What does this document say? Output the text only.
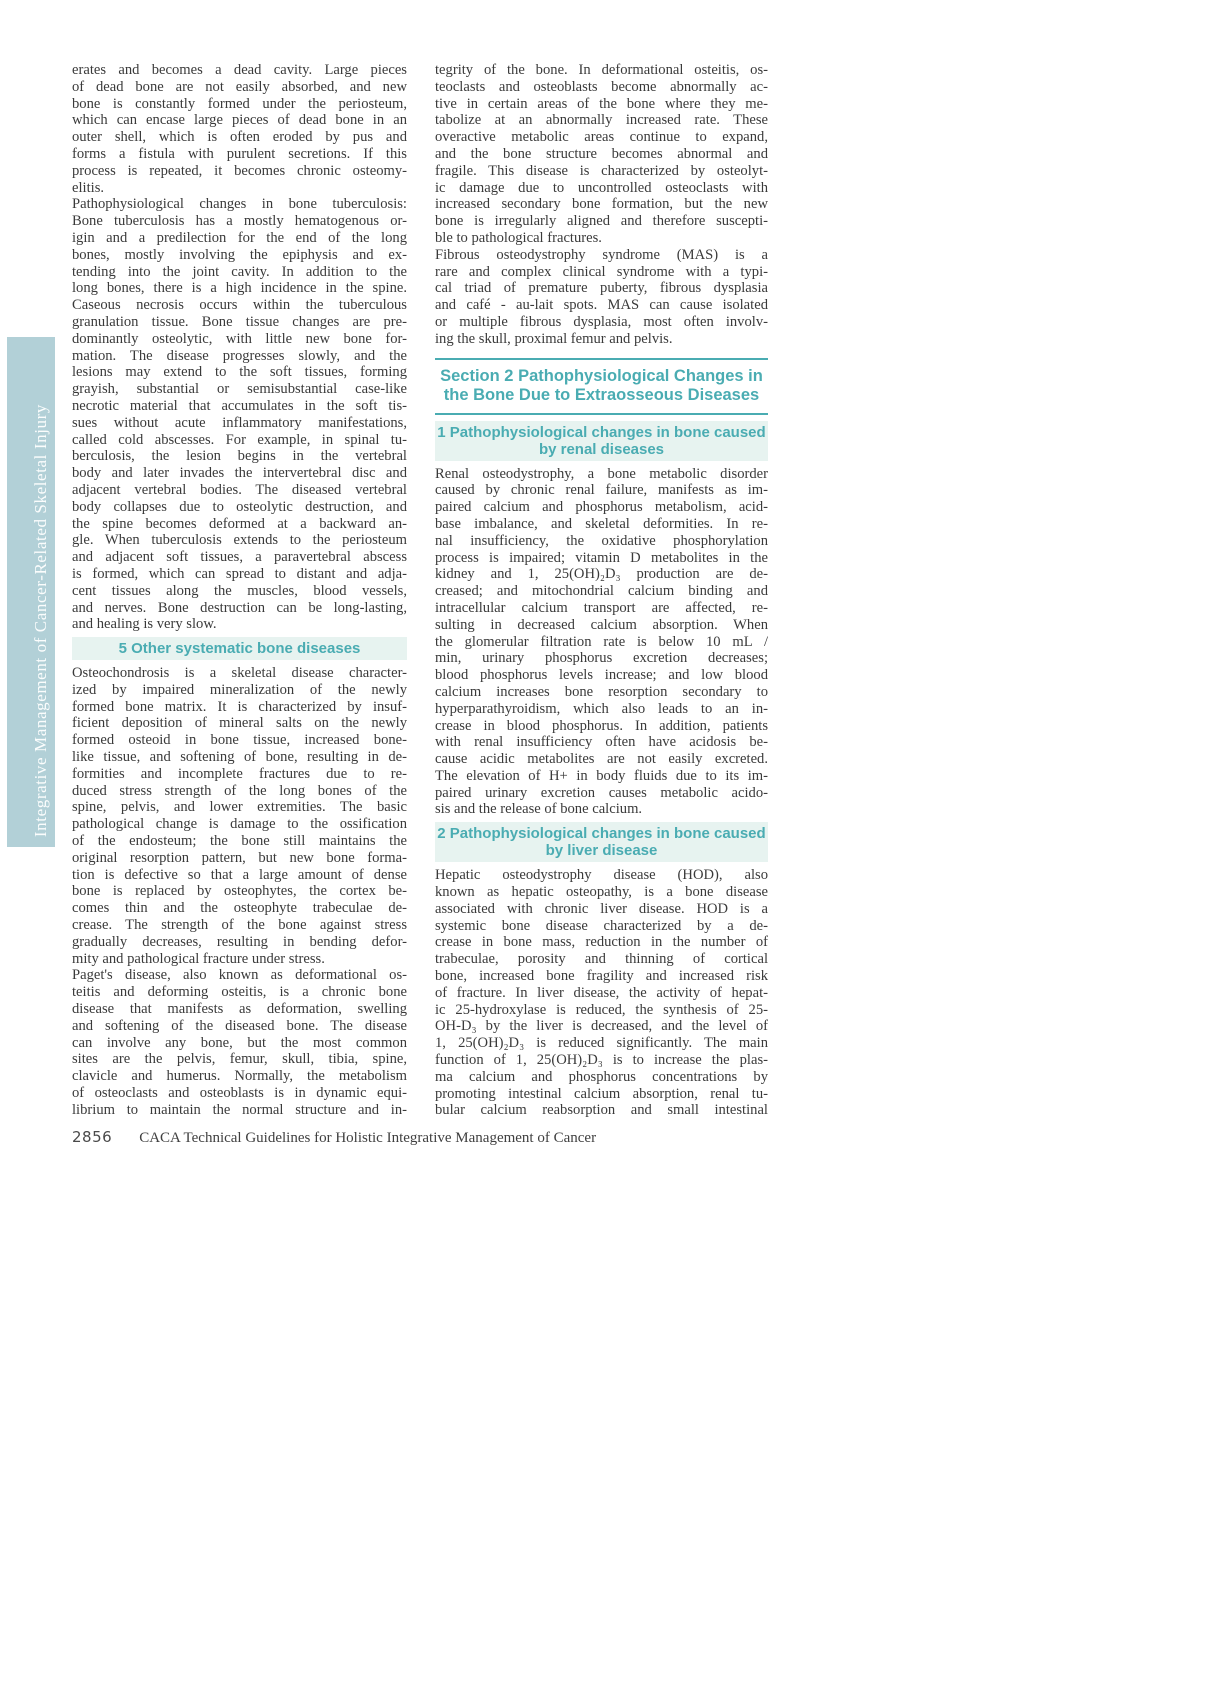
Integrative Management of Cancer-Related Skeletal Injury
erates and becomes a dead cavity. Large pieces
of dead bone are not easily absorbed, and new
bone is constantly formed under the periosteum,
which can encase large pieces of dead bone in an
outer shell, which is often eroded by pus and
forms a fistula with purulent secretions. If this
process is repeated, it becomes chronic osteomy-
elitis.
Pathophysiological changes in bone tuberculosis:
Bone tuberculosis has a mostly hematogenous or-
igin and a predilection for the end of the long
bones, mostly involving the epiphysis and ex-
tending into the joint cavity. In addition to the
long bones, there is a high incidence in the spine.
Caseous necrosis occurs within the tuberculous
granulation tissue. Bone tissue changes are pre-
dominantly osteolytic, with little new bone for-
mation. The disease progresses slowly, and the
lesions may extend to the soft tissues, forming
grayish, substantial or semisubstantial case-like
necrotic material that accumulates in the soft tis-
sues without acute inflammatory manifestations,
called cold abscesses. For example, in spinal tu-
berculosis, the lesion begins in the vertebral
body and later invades the intervertebral disc and
adjacent vertebral bodies. The diseased vertebral
body collapses due to osteolytic destruction, and
the spine becomes deformed at a backward an-
gle. When tuberculosis extends to the periosteum
and adjacent soft tissues, a paravertebral abscess
is formed, which can spread to distant and adja-
cent tissues along the muscles, blood vessels,
and nerves. Bone destruction can be long-lasting,
and healing is very slow.
5 Other systematic bone diseases
Osteochondrosis is a skeletal disease character-
ized by impaired mineralization of the newly
formed bone matrix. It is characterized by insuf-
ficient deposition of mineral salts on the newly
formed osteoid in bone tissue, increased bone-
like tissue, and softening of bone, resulting in de-
formities and incomplete fractures due to re-
duced stress strength of the long bones of the
spine, pelvis, and lower extremities. The basic
pathological change is damage to the ossification
of the endosteum; the bone still maintains the
original resorption pattern, but new bone forma-
tion is defective so that a large amount of dense
bone is replaced by osteophytes, the cortex be-
comes thin and the osteophyte trabeculae de-
crease. The strength of the bone against stress
gradually decreases, resulting in bending defor-
mity and pathological fracture under stress.
Paget's disease, also known as deformational os-
teitis and deforming osteitis, is a chronic bone
disease that manifests as deformation, swelling
and softening of the diseased bone. The disease
can involve any bone, but the most common
sites are the pelvis, femur, skull, tibia, spine,
clavicle and humerus. Normally, the metabolism
of osteoclasts and osteoblasts is in dynamic equi-
librium to maintain the normal structure and in-
tegrity of the bone. In deformational osteitis, os-
teoclasts and osteoblasts become abnormally ac-
tive in certain areas of the bone where they me-
tabolize at an abnormally increased rate. These
overactive metabolic areas continue to expand,
and the bone structure becomes abnormal and
fragile. This disease is characterized by osteolyt-
ic damage due to uncontrolled osteoclasts with
increased secondary bone formation, but the new
bone is irregularly aligned and therefore suscepti-
ble to pathological fractures.
Fibrous osteodystrophy syndrome (MAS) is a
rare and complex clinical syndrome with a typi-
cal triad of premature puberty, fibrous dysplasia
and café - au-lait spots. MAS can cause isolated
or multiple fibrous dysplasia, most often involv-
ing the skull, proximal femur and pelvis.
Section 2 Pathophysiological Changes in
the Bone Due to Extraosseous Diseases
1 Pathophysiological changes in bone caused
by renal diseases
Renal osteodystrophy, a bone metabolic disorder
caused by chronic renal failure, manifests as im-
paired calcium and phosphorus metabolism, acid-
base imbalance, and skeletal deformities. In re-
nal insufficiency, the oxidative phosphorylation
process is impaired; vitamin D metabolites in the
kidney and 1, 25(OH)₂D₃ production are de-
creased; and mitochondrial calcium binding and
intracellular calcium transport are affected, re-
sulting in decreased calcium absorption. When
the glomerular filtration rate is below 10 mL /
min, urinary phosphorus excretion decreases;
blood phosphorus levels increase; and low blood
calcium increases bone resorption secondary to
hyperparathyroidism, which also leads to an in-
crease in blood phosphorus. In addition, patients
with renal insufficiency often have acidosis be-
cause acidic metabolites are not easily excreted.
The elevation of H+ in body fluids due to its im-
paired urinary excretion causes metabolic acido-
sis and the release of bone calcium.
2 Pathophysiological changes in bone caused
by liver disease
Hepatic osteodystrophy disease (HOD), also
known as hepatic osteopathy, is a bone disease
associated with chronic liver disease. HOD is a
systemic bone disease characterized by a de-
crease in bone mass, reduction in the number of
trabeculae, porosity and thinning of cortical
bone, increased bone fragility and increased risk
of fracture. In liver disease, the activity of hepat-
ic 25-hydroxylase is reduced, the synthesis of 25-
OH-D₃ by the liver is decreased, and the level of
1, 25(OH)₂D₃ is reduced significantly. The main
function of 1, 25(OH)₂D₃ is to increase the plas-
ma calcium and phosphorus concentrations by
promoting intestinal calcium absorption, renal tu-
bular calcium reabsorption and small intestinal
2856 CACA Technical Guidelines for Holistic Integrative Management of Cancer
